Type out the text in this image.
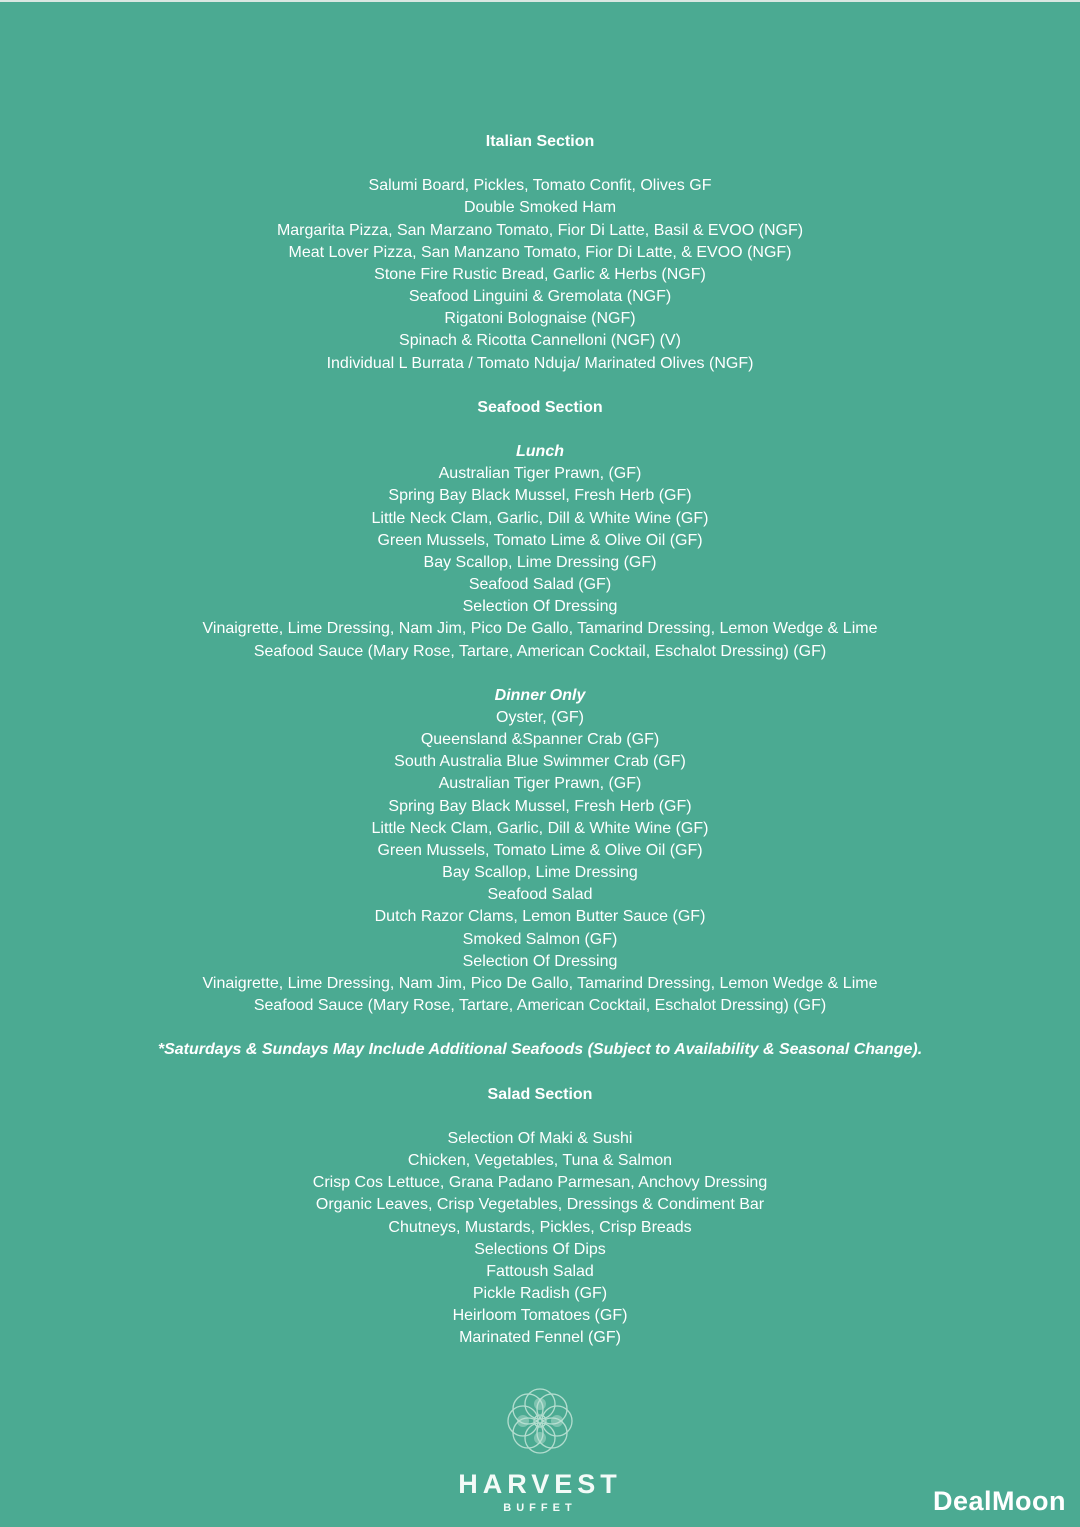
Italian Section
Salumi Board, Pickles, Tomato Confit, Olives GF
Double Smoked Ham
Margarita Pizza, San Marzano Tomato, Fior Di Latte, Basil & EVOO (NGF)
Meat Lover Pizza, San Manzano Tomato, Fior Di Latte, & EVOO (NGF)
Stone Fire Rustic Bread, Garlic & Herbs (NGF)
Seafood Linguini & Gremolata (NGF)
Rigatoni Bolognaise (NGF)
Spinach & Ricotta Cannelloni (NGF) (V)
Individual L Burrata / Tomato Nduja/ Marinated Olives (NGF)
Seafood Section
Lunch
Australian Tiger Prawn, (GF)
Spring Bay Black Mussel, Fresh Herb (GF)
Little Neck Clam, Garlic, Dill & White Wine (GF)
Green Mussels, Tomato Lime & Olive Oil (GF)
Bay Scallop, Lime Dressing (GF)
Seafood Salad (GF)
Selection Of Dressing
Vinaigrette, Lime Dressing, Nam Jim, Pico De Gallo, Tamarind Dressing, Lemon Wedge & Lime
Seafood Sauce (Mary Rose, Tartare, American Cocktail, Eschalot Dressing) (GF)
Dinner Only
Oyster, (GF)
Queensland &Spanner Crab (GF)
South Australia Blue Swimmer Crab (GF)
Australian Tiger Prawn, (GF)
Spring Bay Black Mussel, Fresh Herb (GF)
Little Neck Clam, Garlic, Dill & White Wine (GF)
Green Mussels, Tomato Lime & Olive Oil (GF)
Bay Scallop, Lime Dressing
Seafood Salad
Dutch Razor Clams, Lemon Butter Sauce (GF)
Smoked Salmon (GF)
Selection Of Dressing
Vinaigrette, Lime Dressing, Nam Jim, Pico De Gallo, Tamarind Dressing, Lemon Wedge & Lime
Seafood Sauce (Mary Rose, Tartare, American Cocktail, Eschalot Dressing) (GF)
*Saturdays & Sundays May Include Additional Seafoods (Subject to Availability & Seasonal Change).
Salad Section
Selection Of Maki & Sushi
Chicken, Vegetables, Tuna & Salmon
Crisp Cos Lettuce, Grana Padano Parmesan, Anchovy Dressing
Organic Leaves, Crisp Vegetables, Dressings & Condiment Bar
Chutneys, Mustards, Pickles, Crisp Breads
Selections Of Dips
Fattoush Salad
Pickle Radish (GF)
Heirloom Tomatoes (GF)
Marinated Fennel (GF)
HARVEST
BUFFET	DealMoon
